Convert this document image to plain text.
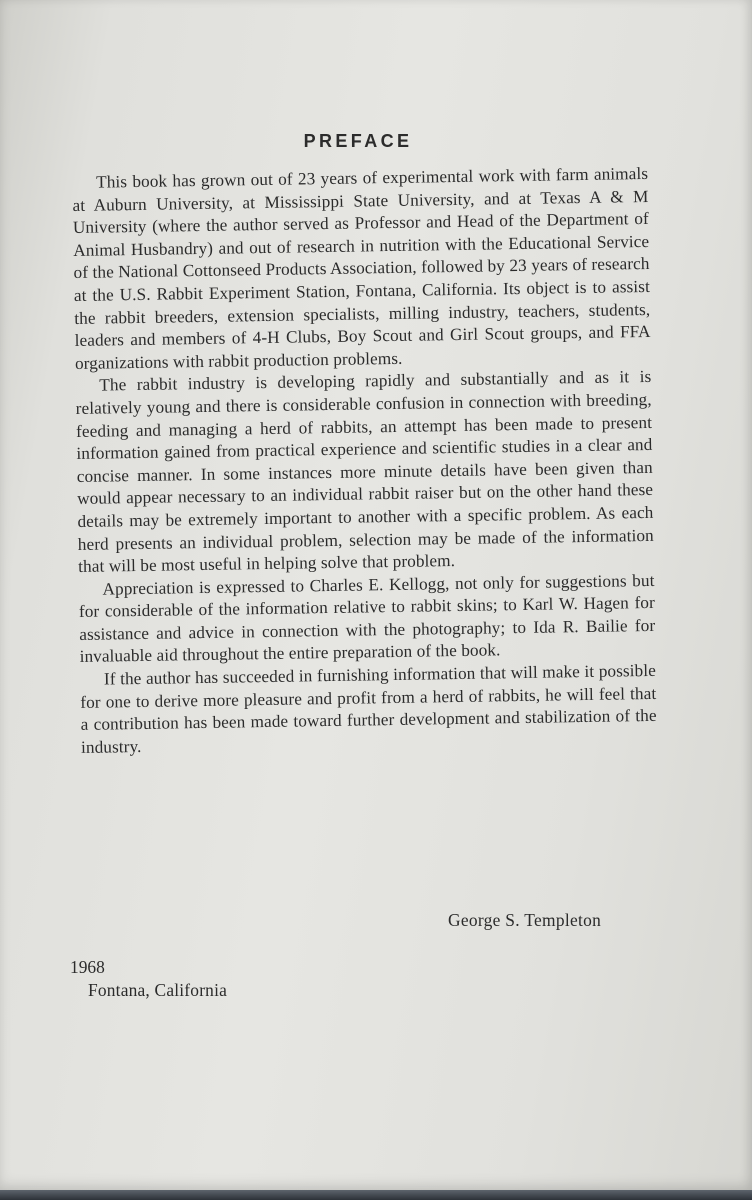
PREFACE

This book has grown out of 23 years of experimental work with farm animals at Auburn University, at Mississippi State University, and at Texas A & M University (where the author served as Professor and Head of the Department of Animal Husbandry) and out of research in nutrition with the Educational Service of the National Cottonseed Products Association, followed by 23 years of research at the U.S. Rabbit Experiment Station, Fontana, California. Its object is to assist the rabbit breeders, extension specialists, milling industry, teachers, students, leaders and members of 4-H Clubs, Boy Scout and Girl Scout groups, and FFA organizations with rabbit production problems.

The rabbit industry is developing rapidly and substantially and as it is relatively young and there is considerable confusion in connection with breeding, feeding and managing a herd of rabbits, an attempt has been made to present information gained from practical experience and scientific studies in a clear and concise manner. In some instances more minute details have been given than would appear necessary to an individual rabbit raiser but on the other hand these details may be extremely important to another with a specific problem. As each herd presents an individual problem, selection may be made of the information that will be most useful in helping solve that problem.

Appreciation is expressed to Charles E. Kellogg, not only for suggestions but for considerable of the information relative to rabbit skins; to Karl W. Hagen for assistance and advice in connection with the photography; to Ida R. Bailie for invaluable aid throughout the entire preparation of the book.

If the author has succeeded in furnishing information that will make it possible for one to derive more pleasure and profit from a herd of rabbits, he will feel that a contribution has been made toward further development and stabilization of the industry.

George S. Templeton

1968

Fontana, California
